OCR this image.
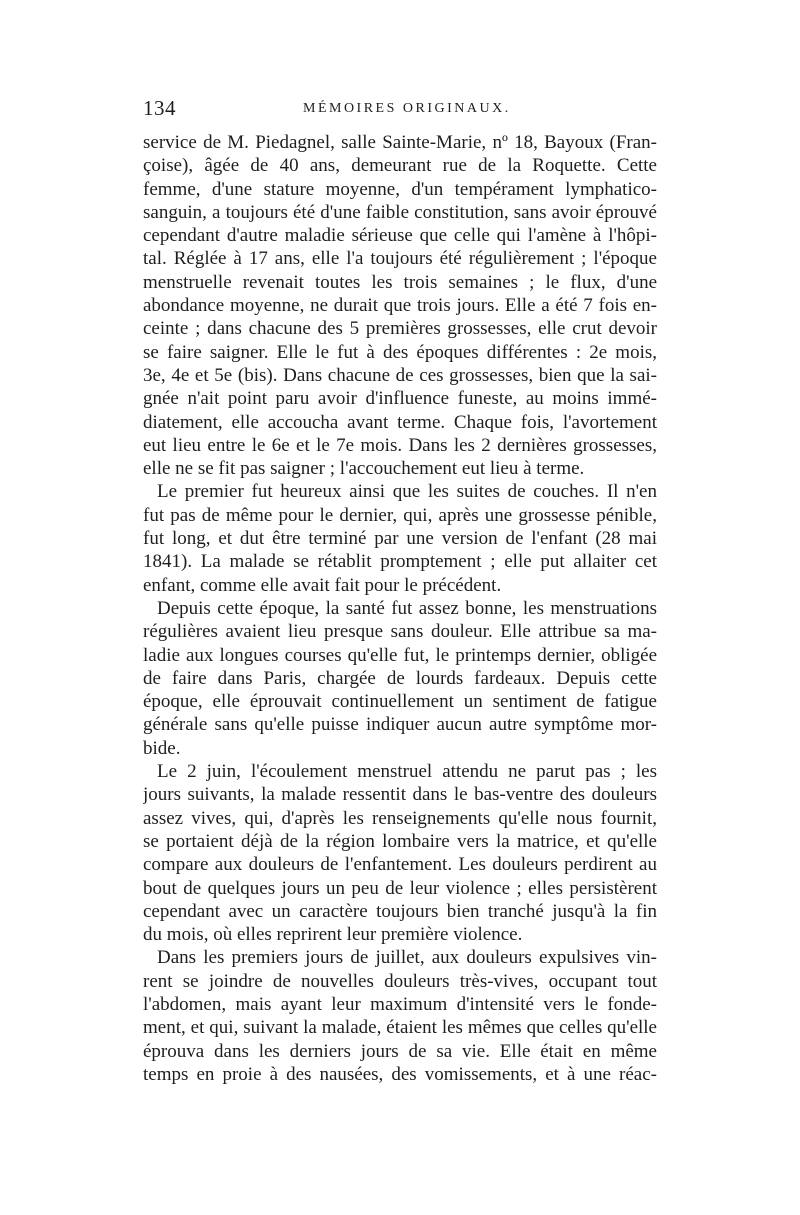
134	MÉMOIRES ORIGINAUX.
service de M. Piedagnel, salle Sainte-Marie, nº 18, Bayoux (Fran-
çoise), âgée de 40 ans, demeurant rue de la Roquette. Cette
femme, d'une stature moyenne, d'un tempérament lymphatico-
sanguin, a toujours été d'une faible constitution, sans avoir éprouvé
cependant d'autre maladie sérieuse que celle qui l'amène à l'hôpi-
tal. Réglée à 17 ans, elle l'a toujours été régulièrement ; l'époque
menstruelle revenait toutes les trois semaines ; le flux, d'une
abondance moyenne, ne durait que trois jours. Elle a été 7 fois en-
ceinte ; dans chacune des 5 premières grossesses, elle crut devoir
se faire saigner. Elle le fut à des époques différentes : 2e mois,
3e, 4e et 5e (bis). Dans chacune de ces grossesses, bien que la sai-
gnée n'ait point paru avoir d'influence funeste, au moins immé-
diatement, elle accoucha avant terme. Chaque fois, l'avortement
eut lieu entre le 6e et le 7e mois. Dans les 2 dernières grossesses,
elle ne se fit pas saigner ; l'accouchement eut lieu à terme.
Le premier fut heureux ainsi que les suites de couches. Il n'en
fut pas de même pour le dernier, qui, après une grossesse pénible,
fut long, et dut être terminé par une version de l'enfant (28 mai
1841). La malade se rétablit promptement ; elle put allaiter cet
enfant, comme elle avait fait pour le précédent.
Depuis cette époque, la santé fut assez bonne, les menstruations
régulières avaient lieu presque sans douleur. Elle attribue sa ma-
ladie aux longues courses qu'elle fut, le printemps dernier, obligée
de faire dans Paris, chargée de lourds fardeaux. Depuis cette
époque, elle éprouvait continuellement un sentiment de fatigue
générale sans qu'elle puisse indiquer aucun autre symptôme mor-
bide.
Le 2 juin, l'écoulement menstruel attendu ne parut pas ; les
jours suivants, la malade ressentit dans le bas-ventre des douleurs
assez vives, qui, d'après les renseignements qu'elle nous fournit,
se portaient déjà de la région lombaire vers la matrice, et qu'elle
compare aux douleurs de l'enfantement. Les douleurs perdirent au
bout de quelques jours un peu de leur violence ; elles persistèrent
cependant avec un caractère toujours bien tranché jusqu'à la fin
du mois, où elles reprirent leur première violence.
Dans les premiers jours de juillet, aux douleurs expulsives vin-
rent se joindre de nouvelles douleurs très-vives, occupant tout
l'abdomen, mais ayant leur maximum d'intensité vers le fonde-
ment, et qui, suivant la malade, étaient les mêmes que celles qu'elle
éprouva dans les derniers jours de sa vie. Elle était en même
temps en proie à des nausées, des vomissements, et à une réac-
